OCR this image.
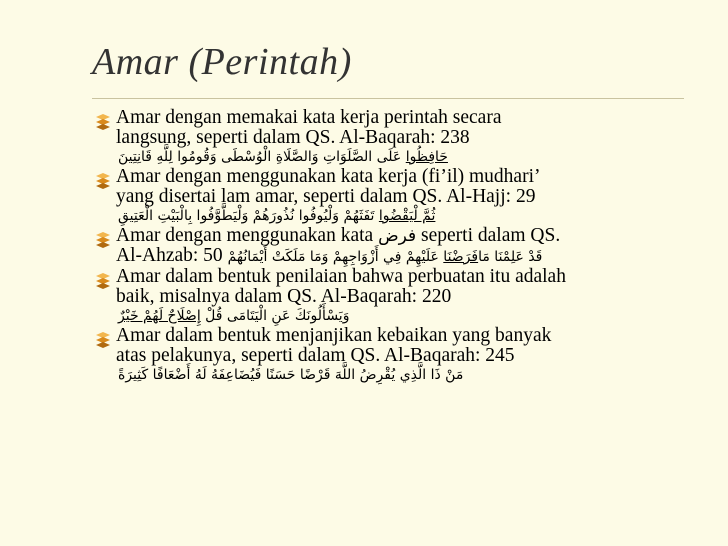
Amar (Perintah)
Amar dengan memakai kata kerja perintah secara
langsung, seperti dalam QS. Al-Baqarah: 238
حَافِظُوا عَلَى الصَّلَوَاتِ وَالصَّلَاةِ الْوُسْطَى وَقُومُوا لِلَّهِ قَانِتِينَ
Amar dengan menggunakan kata kerja (fi’il) mudhari’
yang disertai lam amar, seperti dalam QS. Al-Hajj: 29
ثُمَّ لْيَقْضُوا تَفَثَهُمْ وَلْيُوفُوا نُذُورَهُمْ وَلْيَطَّوَّفُوا بِالْبَيْتِ الْعَتِيقِ
Amar dengan menggunakan kata فرض seperti dalam QS.
Al-Ahzab: 50	قَدْ عَلِمْنَا مَافَرَضْنَا عَلَيْهِمْ فِي أَزْوَاجِهِمْ وَمَا مَلَكَتْ أَيْمَانُهُمْ
Amar dalam bentuk penilaian bahwa perbuatan itu adalah
baik, misalnya dalam QS. Al-Baqarah: 220
وَيَسْأَلُونَكَ عَنِ الْيَتَامَى قُلْ إِصْلَاحٌ لَهُمْ خَيْرٌ
Amar dalam bentuk menjanjikan kebaikan yang banyak
atas pelakunya, seperti dalam QS. Al-Baqarah: 245
مَنْ ذَا الَّذِي يُقْرِضُ اللَّهَ قَرْضًا حَسَنًا فَيُضَاعِفَهُ لَهُ أَضْعَافًا كَثِيرَةً
